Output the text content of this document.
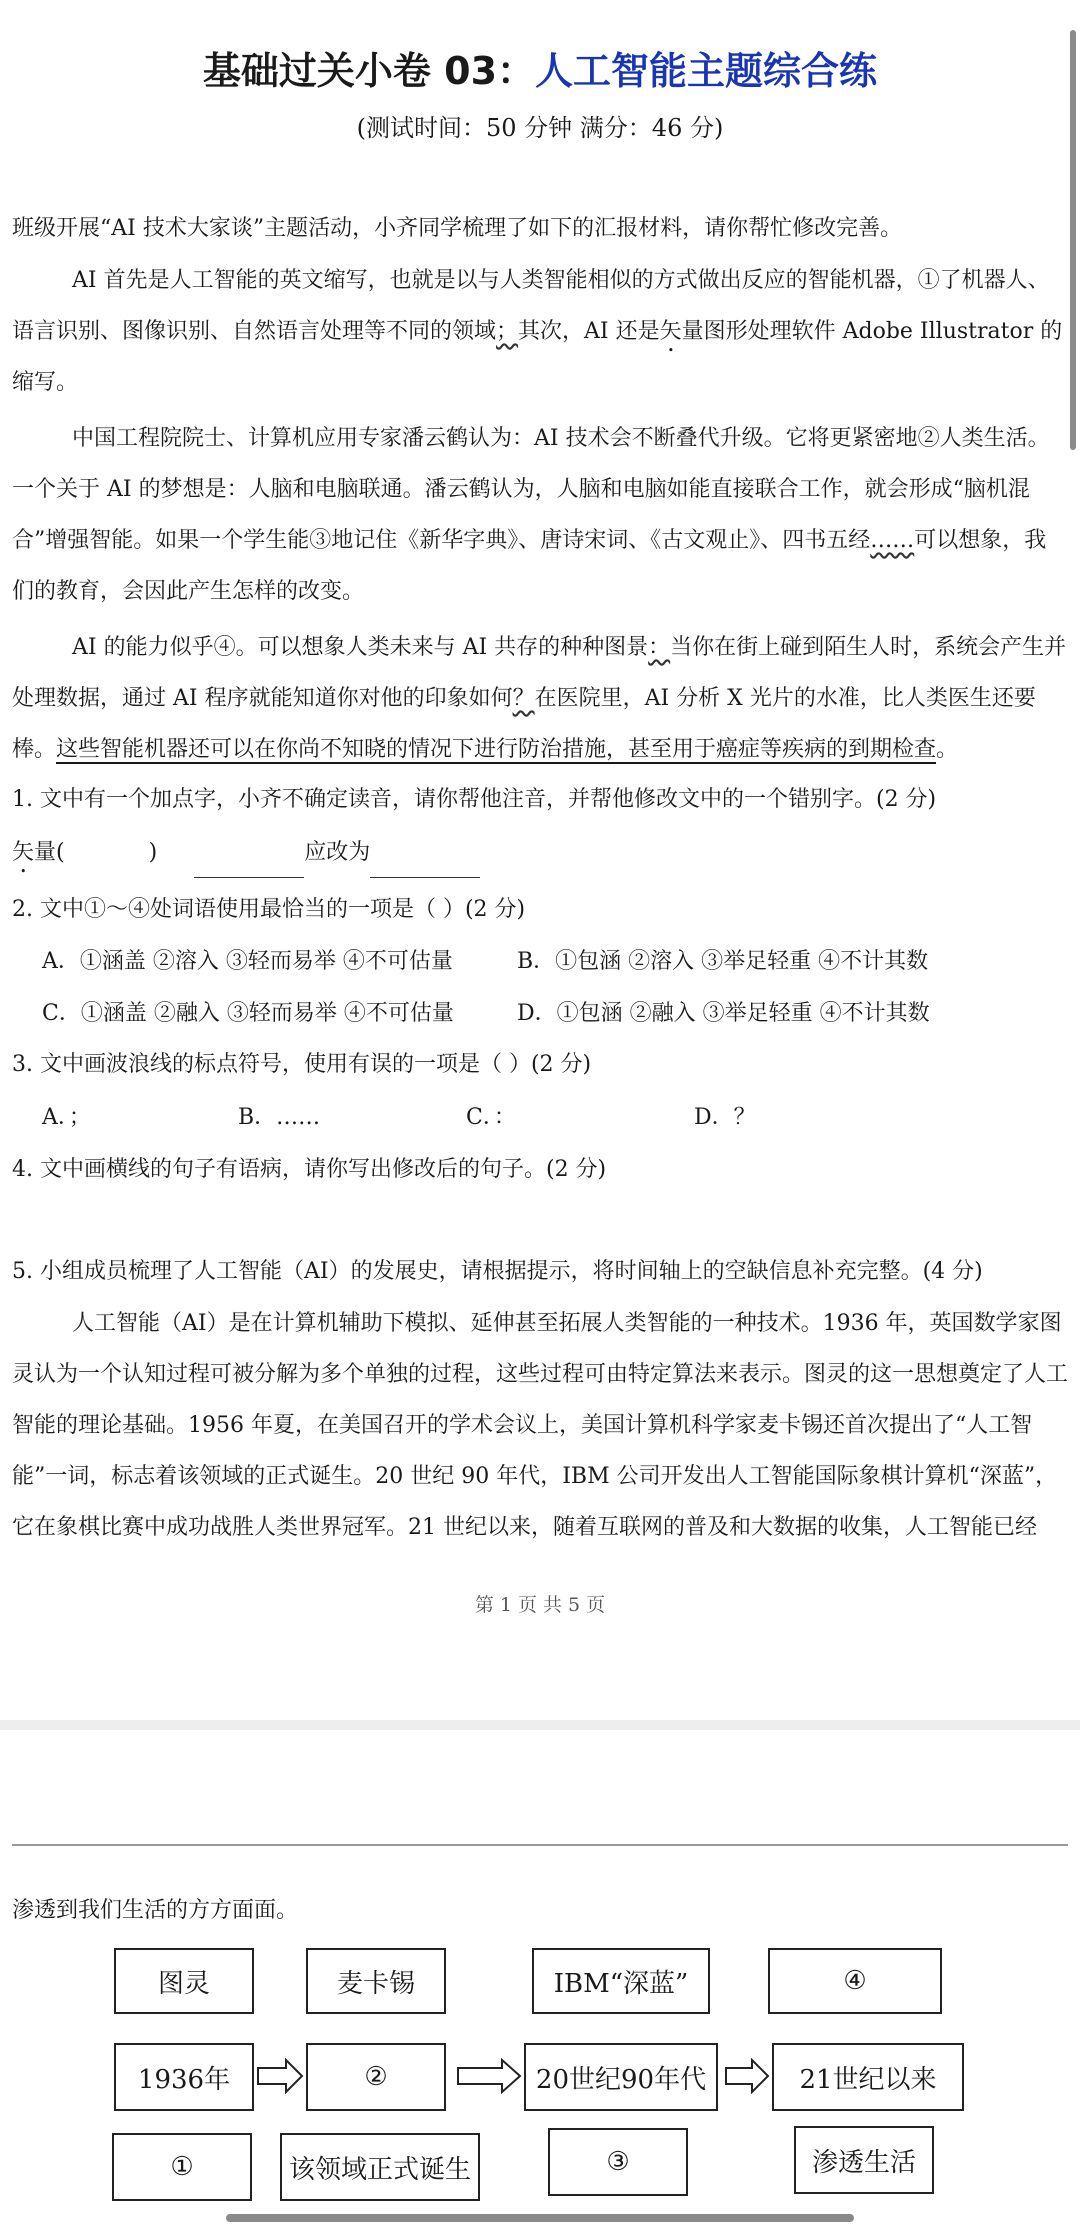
基础过关小卷 03：人工智能主题综合练
(测试时间：50 分钟 满分：46 分)

班级开展“AI 技术大家谈”主题活动，小齐同学梳理了如下的汇报材料，请你帮忙修改完善。

AI 首先是人工智能的英文缩写，也就是以与人类智能相似的方式做出反应的智能机器，①了机器人、语言识别、图像识别、自然语言处理等不同的领域；其次，AI 还是矢量图形处理软件 Adobe Illustrator 的缩写。

中国工程院院士、计算机应用专家潘云鹤认为：AI 技术会不断叠代升级。它将更紧密地②人类生活。一个关于 AI 的梦想是：人脑和电脑联通。潘云鹤认为，人脑和电脑如能直接联合工作，就会形成“脑机混合”增强智能。如果一个学生能③地记住《新华字典》、唐诗宋词、《古文观止》、四书五经……可以想象，我们的教育，会因此产生怎样的改变。

AI 的能力似乎④。可以想象人类未来与 AI 共存的种种图景：当你在街上碰到陌生人时，系统会产生并处理数据，通过 AI 程序就能知道你对他的印象如何？在医院里，AI 分析 X 光片的水准，比人类医生还要棒。这些智能机器还可以在你尚不知晓的情况下进行防治措施，甚至用于癌症等疾病的到期检查。

1. 文中有一个加点字，小齐不确定读音，请你帮他注音，并帮他修改文中的一个错别字。(2 分)
矢量(	)	应改为
2. 文中①～④处词语使用最恰当的一项是（ ）(2 分)
A．①涵盖 ②溶入 ③轻而易举 ④不可估量	B．①包涵 ②溶入 ③举足轻重 ④不计其数
C．①涵盖 ②融入 ③轻而易举 ④不可估量	D．①包涵 ②融入 ③举足轻重 ④不计其数
3. 文中画波浪线的标点符号，使用有误的一项是（ ）(2 分)
A．；	B．……	C．：	D．？
4. 文中画横线的句子有语病，请你写出修改后的句子。(2 分)
5. 小组成员梳理了人工智能（AI）的发展史，请根据提示，将时间轴上的空缺信息补充完整。(4 分)

人工智能（AI）是在计算机辅助下模拟、延伸甚至拓展人类智能的一种技术。1936 年，英国数学家图灵认为一个认知过程可被分解为多个单独的过程，这些过程可由特定算法来表示。图灵的这一思想奠定了人工智能的理论基础。1956 年夏，在美国召开的学术会议上，美国计算机科学家麦卡锡还首次提出了“人工智能”一词，标志着该领域的正式诞生。20 世纪 90 年代，IBM 公司开发出人工智能国际象棋计算机“深蓝”，它在象棋比赛中成功战胜人类世界冠军。21 世纪以来，随着互联网的普及和大数据的收集，人工智能已经

第 1 页 共 5 页
渗透到我们生活的方方面面。
图灵	麦卡锡	IBM“深蓝”	④
1936年	②	20世纪90年代	21世纪以来
①	该领域正式诞生	③	渗透生活
